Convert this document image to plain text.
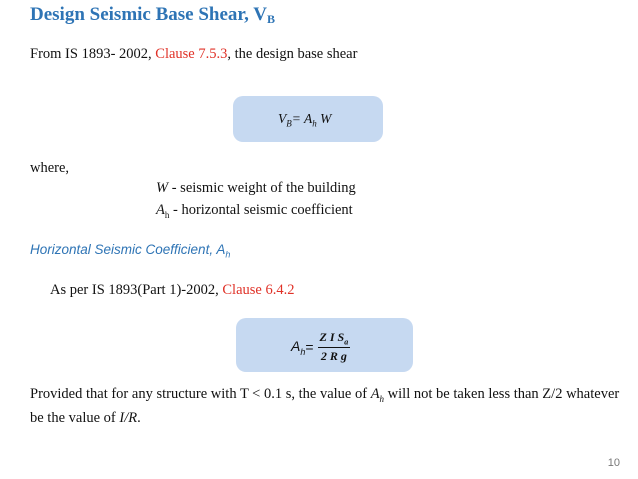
Design Seismic Base Shear, $V_B$
From IS 1893- 2002, Clause 7.5.3, the design base shear
$V_B= A_h$ W
where,
W - seismic weight of the building
$A_h$ - horizontal seismic coefficient
Horizontal Seismic Coefficient, $A_h$
As per IS 1893(Part 1)-2002, Clause 6.4.2
$A_h = \frac{Z I S_a}{\text{2 R g}}$
Provided that for any structure with T < 0.1 s, the value of $A_h$ will not be taken less than Z/2 whatever be the value of I/R.
10
